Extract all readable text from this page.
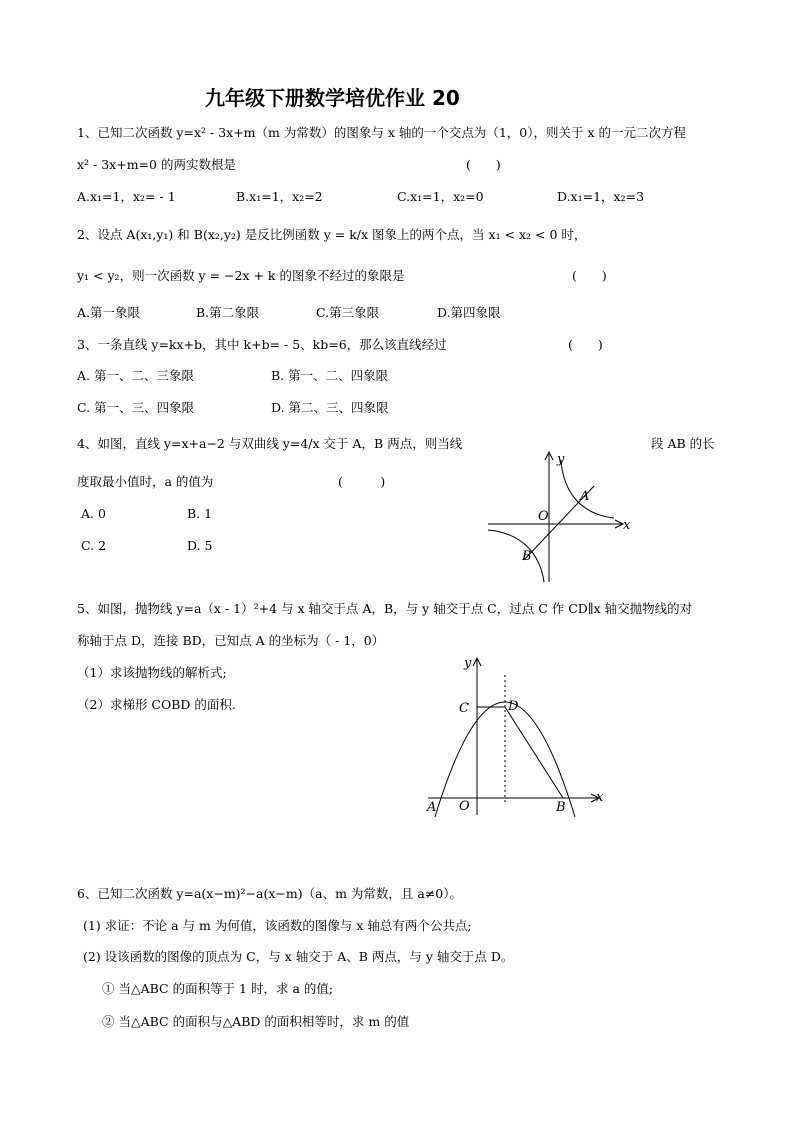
九年级下册数学培优作业 20
1、已知二次函数 y=x² - 3x+m（m 为常数）的图象与 x 轴的一个交点为（1，0），则关于 x 的一元二次方程
x² - 3x+m=0 的两实数根是	(　　)
A.x₁=1，x₂= - 1	B.x₁=1，x₂=2	C.x₁=1，x₂=0	D.x₁=1，x₂=3
2、设点 A(x₁,y₁) 和 B(x₂,y₂) 是反比例函数 y = k/x 图象上的两个点，当 x₁ < x₂ < 0 时，
y₁ < y₂，则一次函数 y = −2x + k 的图象不经过的象限是	(　　)
A.第一象限	B.第二象限	C.第三象限	D.第四象限
3、一条直线 y=kx+b，其中 k+b= - 5、kb=6，那么该直线经过	(　　)
A. 第一、二、三象限	B. 第一、二、四象限
C. 第一、三、四象限	D. 第二、三、四象限
4、如图，直线 y=x+a−2 与双曲线 y=4/x 交于 A，B 两点，则当线	段 AB 的长
度取最小值时，a 的值为	(　　　)
A. 0	B. 1
C. 2	D. 5
y
x
O
A
B
5、如图，抛物线 y=a（x - 1）²+4 与 x 轴交于点 A，B，与 y 轴交于点 C，过点 C 作 CD∥x 轴交抛物线的对
称轴于点 D，连接 BD，已知点 A 的坐标为（ - 1，0）
（1）求该抛物线的解析式;
（2）求梯形 COBD 的面积.
y
x
O
A	B
C	D
6、已知二次函数 y=a(x−m)²−a(x−m)（a、m 为常数，且 a≠0）。
(1) 求证：不论 a 与 m 为何值，该函数的图像与 x 轴总有两个公共点;
(2) 设该函数的图像的顶点为 C，与 x 轴交于 A、B 两点，与 y 轴交于点 D。
① 当△ABC 的面积等于 1 时，求 a 的值;
② 当△ABC 的面积与△ABD 的面积相等时，求 m 的值
